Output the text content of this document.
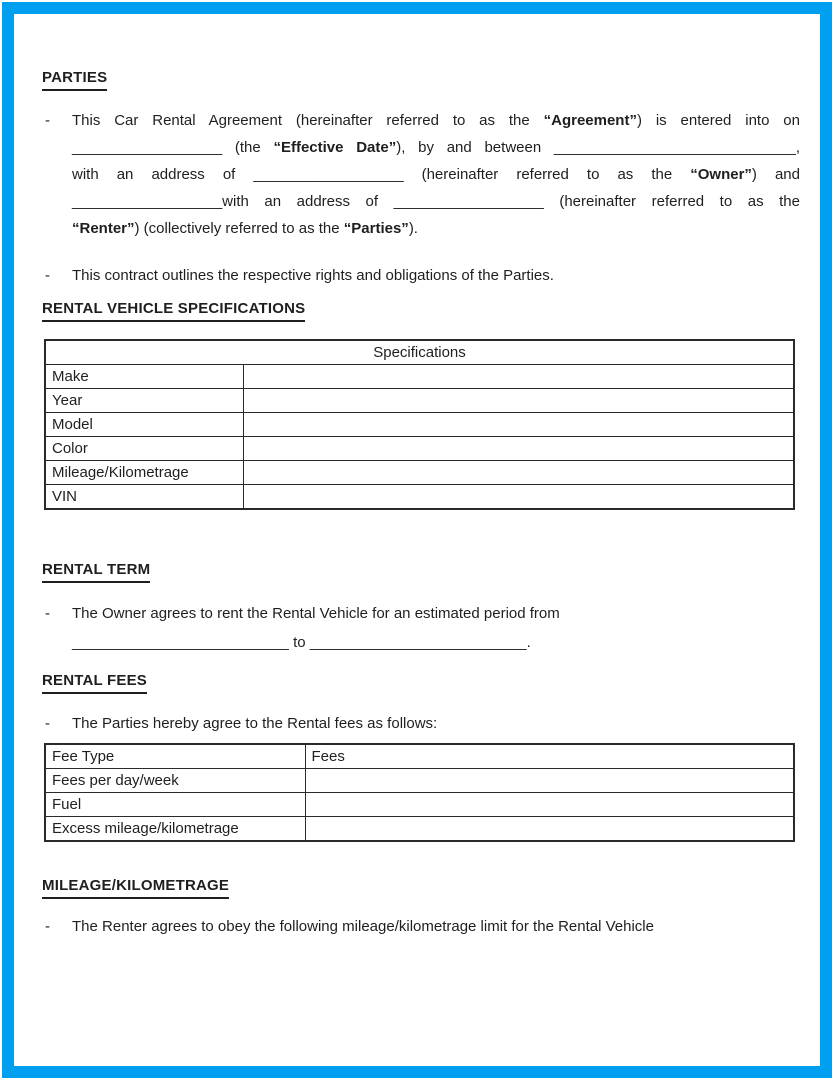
PARTIES
-	This Car Rental Agreement (hereinafter referred to as the “Agreement”) is entered into on
__________________ (the “Effective Date”), by and between _____________________________,
with an address of __________________ (hereinafter referred to as the “Owner”) and
__________________with an address of __________________ (hereinafter referred to as the
“Renter”) (collectively referred to as the “Parties”).
-	This contract outlines the respective rights and obligations of the Parties.
RENTAL VEHICLE SPECIFICATIONS
Specifications	
Make	
Year	
Model	
Color	
Mileage/Kilometrage	
VIN	
RENTAL TERM
-	The Owner agrees to rent the Rental Vehicle for an estimated period from
__________________________ to __________________________.
RENTAL FEES
-	The Parties hereby agree to the Rental fees as follows:
Fee Type	Fees
Fees per day/week	
Fuel	
Excess mileage/kilometrage	
MILEAGE/KILOMETRAGE
-	The Renter agrees to obey the following mileage/kilometrage limit for the Rental Vehicle
